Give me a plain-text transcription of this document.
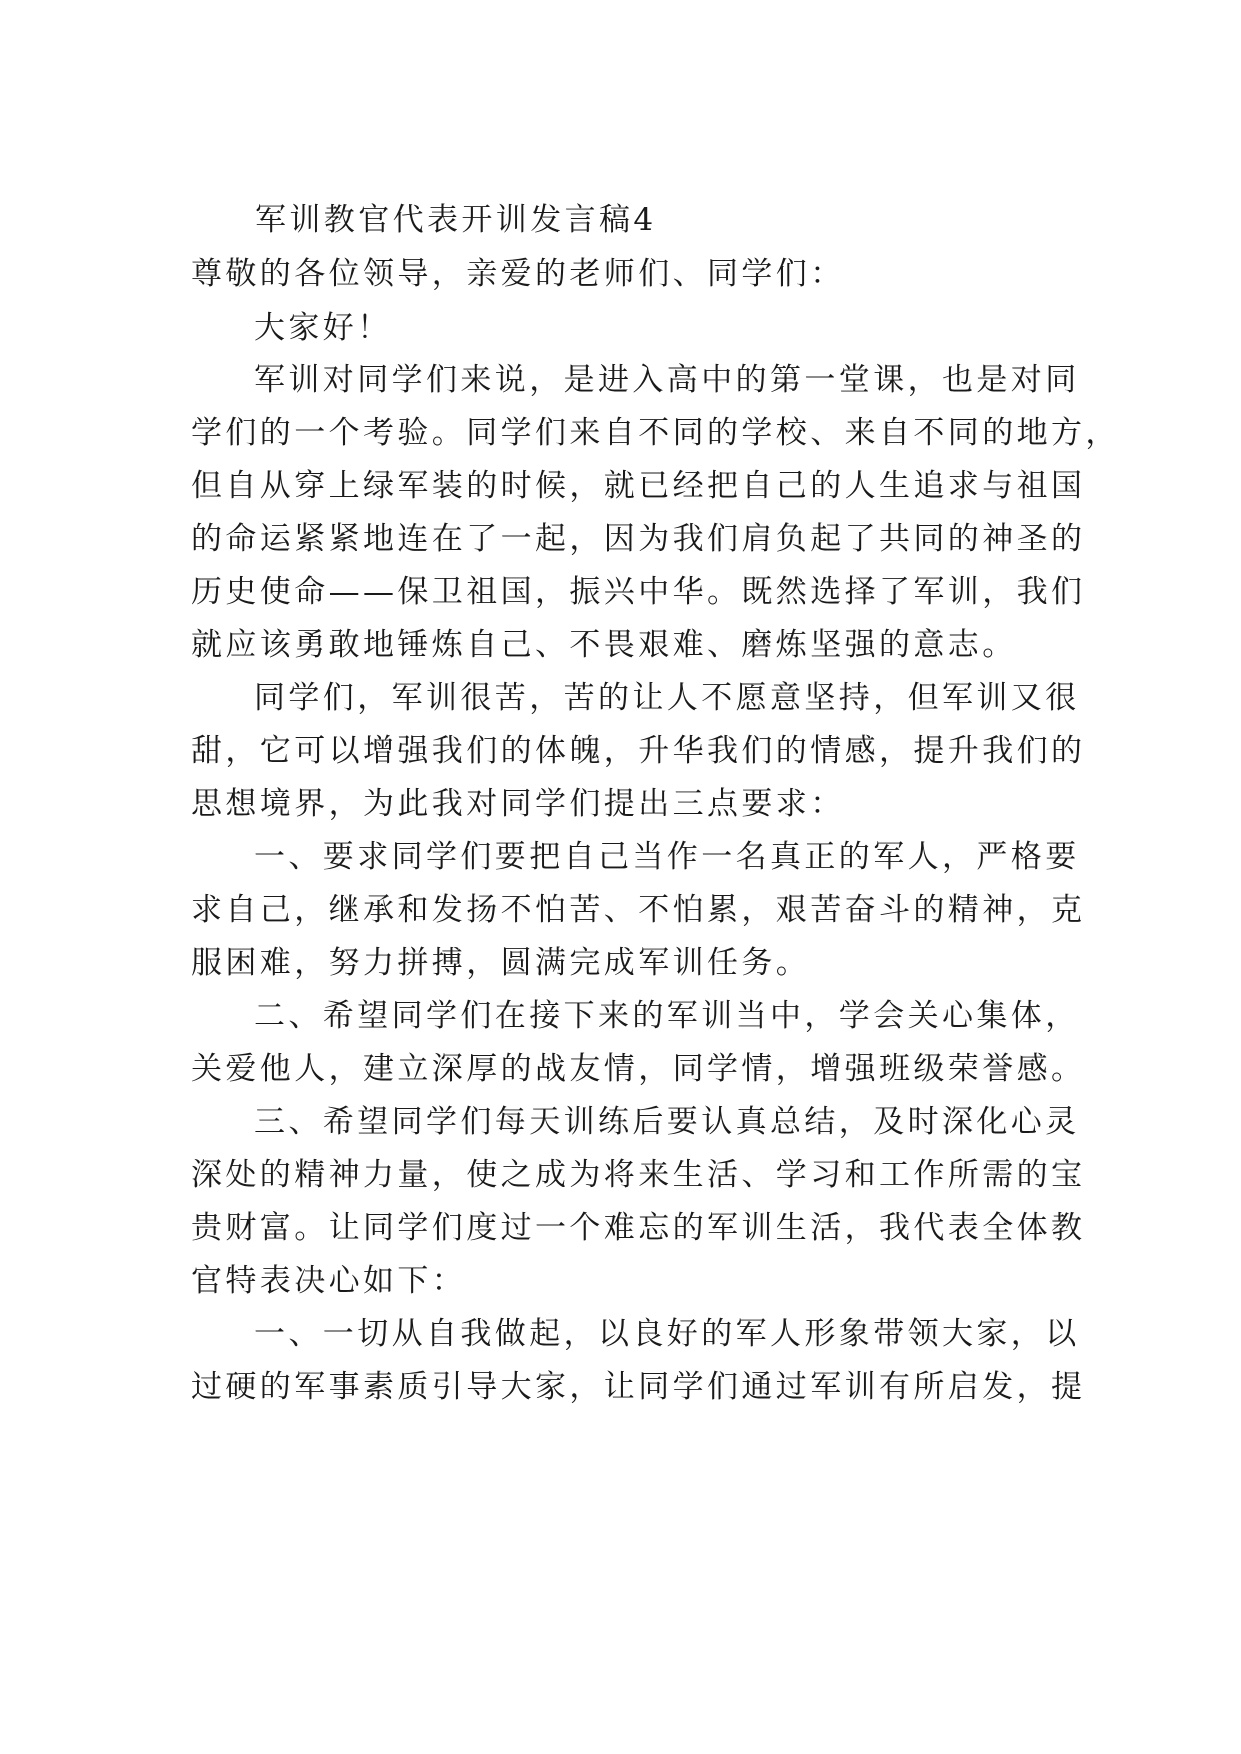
军训教官代表开训发言稿4
尊敬的各位领导，亲爱的老师们、同学们：
大家好！
军训对同学们来说，是进入高中的第一堂课，也是对同
学们的一个考验。同学们来自不同的学校、来自不同的地方，
但自从穿上绿军装的时候，就已经把自己的人生追求与祖国
的命运紧紧地连在了一起，因为我们肩负起了共同的神圣的
历史使命——保卫祖国，振兴中华。既然选择了军训，我们
就应该勇敢地锤炼自己、不畏艰难、磨炼坚强的意志。
同学们，军训很苦，苦的让人不愿意坚持，但军训又很
甜，它可以增强我们的体魄，升华我们的情感，提升我们的
思想境界，为此我对同学们提出三点要求：
一、要求同学们要把自己当作一名真正的军人，严格要
求自己，继承和发扬不怕苦、不怕累，艰苦奋斗的精神，克
服困难，努力拼搏，圆满完成军训任务。
二、希望同学们在接下来的军训当中，学会关心集体，
关爱他人，建立深厚的战友情，同学情，增强班级荣誉感。
三、希望同学们每天训练后要认真总结，及时深化心灵
深处的精神力量，使之成为将来生活、学习和工作所需的宝
贵财富。让同学们度过一个难忘的军训生活，我代表全体教
官特表决心如下：
一、一切从自我做起，以良好的军人形象带领大家，以
过硬的军事素质引导大家，让同学们通过军训有所启发，提
